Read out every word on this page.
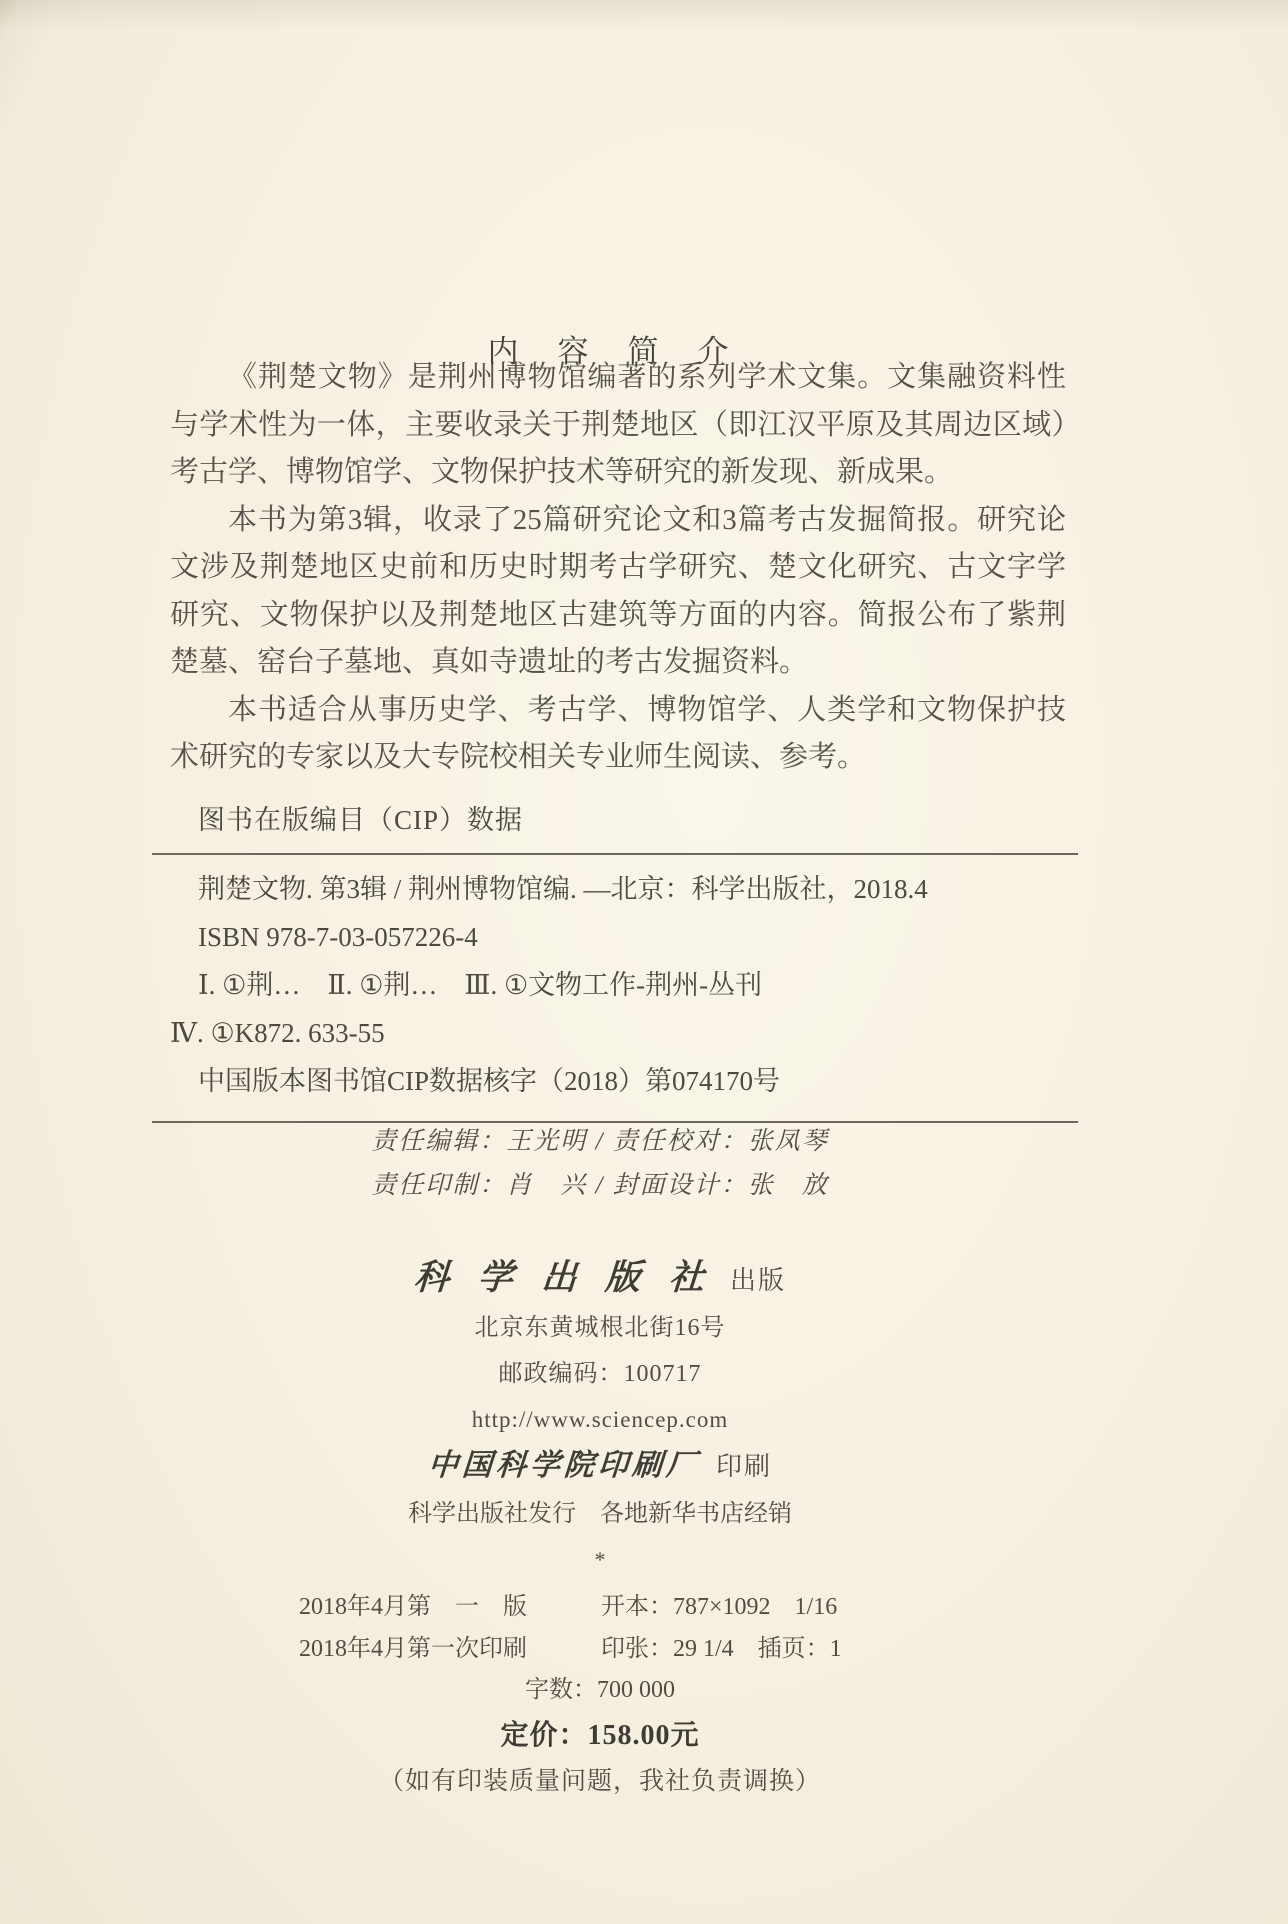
内　容　简　介

《荆楚文物》是荆州博物馆编著的系列学术文集。文集融资料性与学术性为一体，主要收录关于荆楚地区（即江汉平原及其周边区域）考古学、博物馆学、文物保护技术等研究的新发现、新成果。

本书为第3辑，收录了25篇研究论文和3篇考古发掘简报。研究论文涉及荆楚地区史前和历史时期考古学研究、楚文化研究、古文字学研究、文物保护以及荆楚地区古建筑等方面的内容。简报公布了紫荆楚墓、窑台子墓地、真如寺遗址的考古发掘资料。

本书适合从事历史学、考古学、博物馆学、人类学和文物保护技术研究的专家以及大专院校相关专业师生阅读、参考。

图书在版编目（CIP）数据

荆楚文物. 第3辑 / 荆州博物馆编. —北京：科学出版社，2018.4

ISBN 978-7-03-057226-4

Ⅰ. ①荆…　Ⅱ. ①荆…　Ⅲ. ①文物工作-荆州-丛刊

Ⅳ. ①K872. 633-55

中国版本图书馆CIP数据核字（2018）第074170号

责任编辑：王光明 / 责任校对：张凤琴
责任印制：肖　兴 / 封面设计：张　放
科 学 出 版 社 出版
北京东黄城根北街16号
邮政编码：100717
http://www.sciencep.com
中国科学院印刷厂 印刷
科学出版社发行　各地新华书店经销
*
2018年4月第　一　版	开本：787×1092　1/16
2018年4月第一次印刷	印张：29 1/4　插页：1
字数：700 000
定价：158.00元
（如有印装质量问题，我社负责调换）
